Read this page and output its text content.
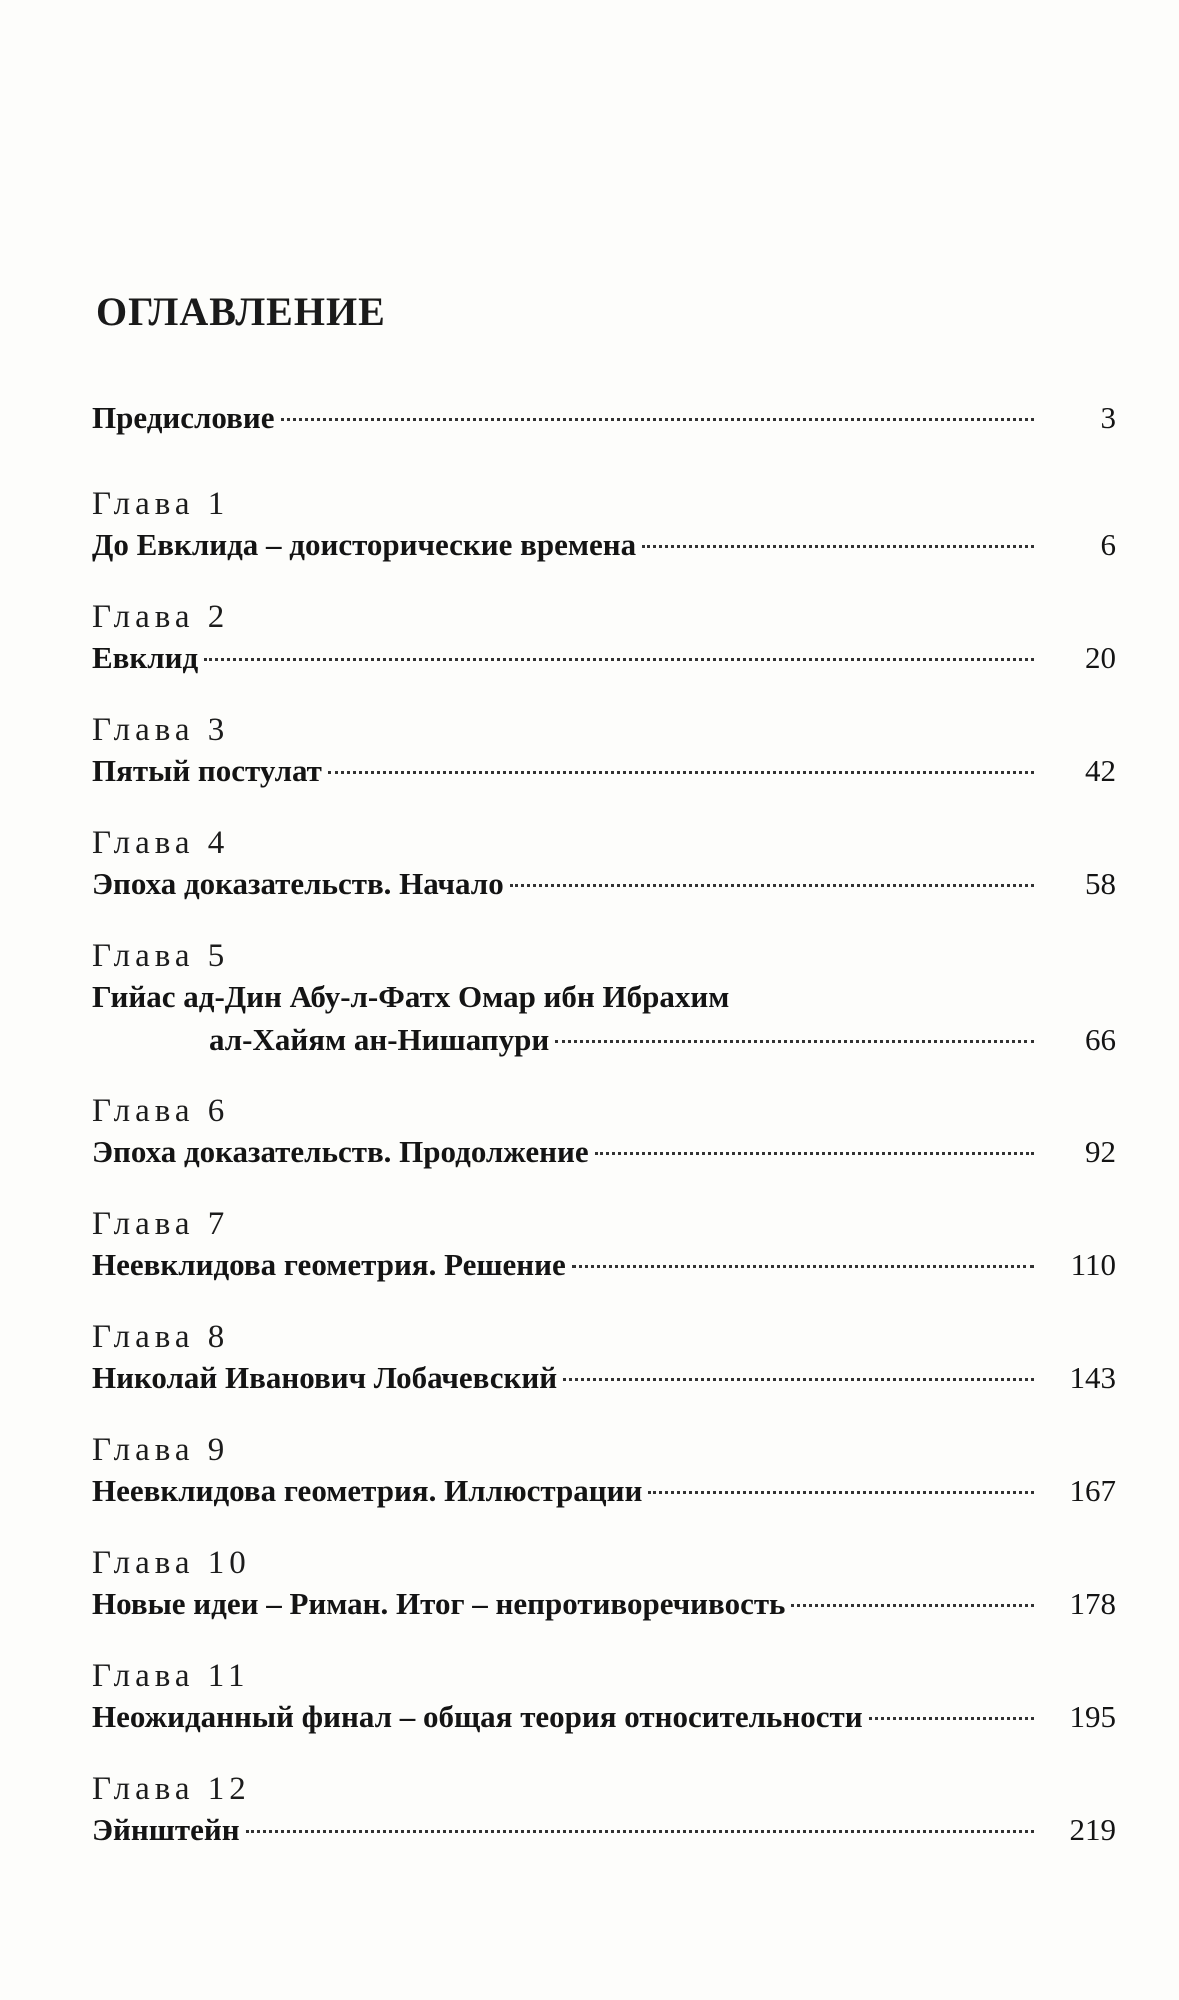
ОГЛАВЛЕНИЕ
Предисловие	3
Глава 1
До Евклида – доисторические времена	6
Глава 2
Евклид	20
Глава 3
Пятый постулат	42
Глава 4
Эпоха доказательств. Начало	58
Глава 5
Гийас ад-Дин Абу-л-Фатх Омар ибн Ибрахим
ал-Хайям ан-Нишапури	66
Глава 6
Эпоха доказательств. Продолжение	92
Глава 7
Неевклидова геометрия. Решение	110
Глава 8
Николай Иванович Лобачевский	143
Глава 9
Неевклидова геометрия. Иллюстрации	167
Глава 10
Новые идеи – Риман. Итог – непротиворечивость	178
Глава 11
Неожиданный финал – общая теория относительности	195
Глава 12
Эйнштейн	219
